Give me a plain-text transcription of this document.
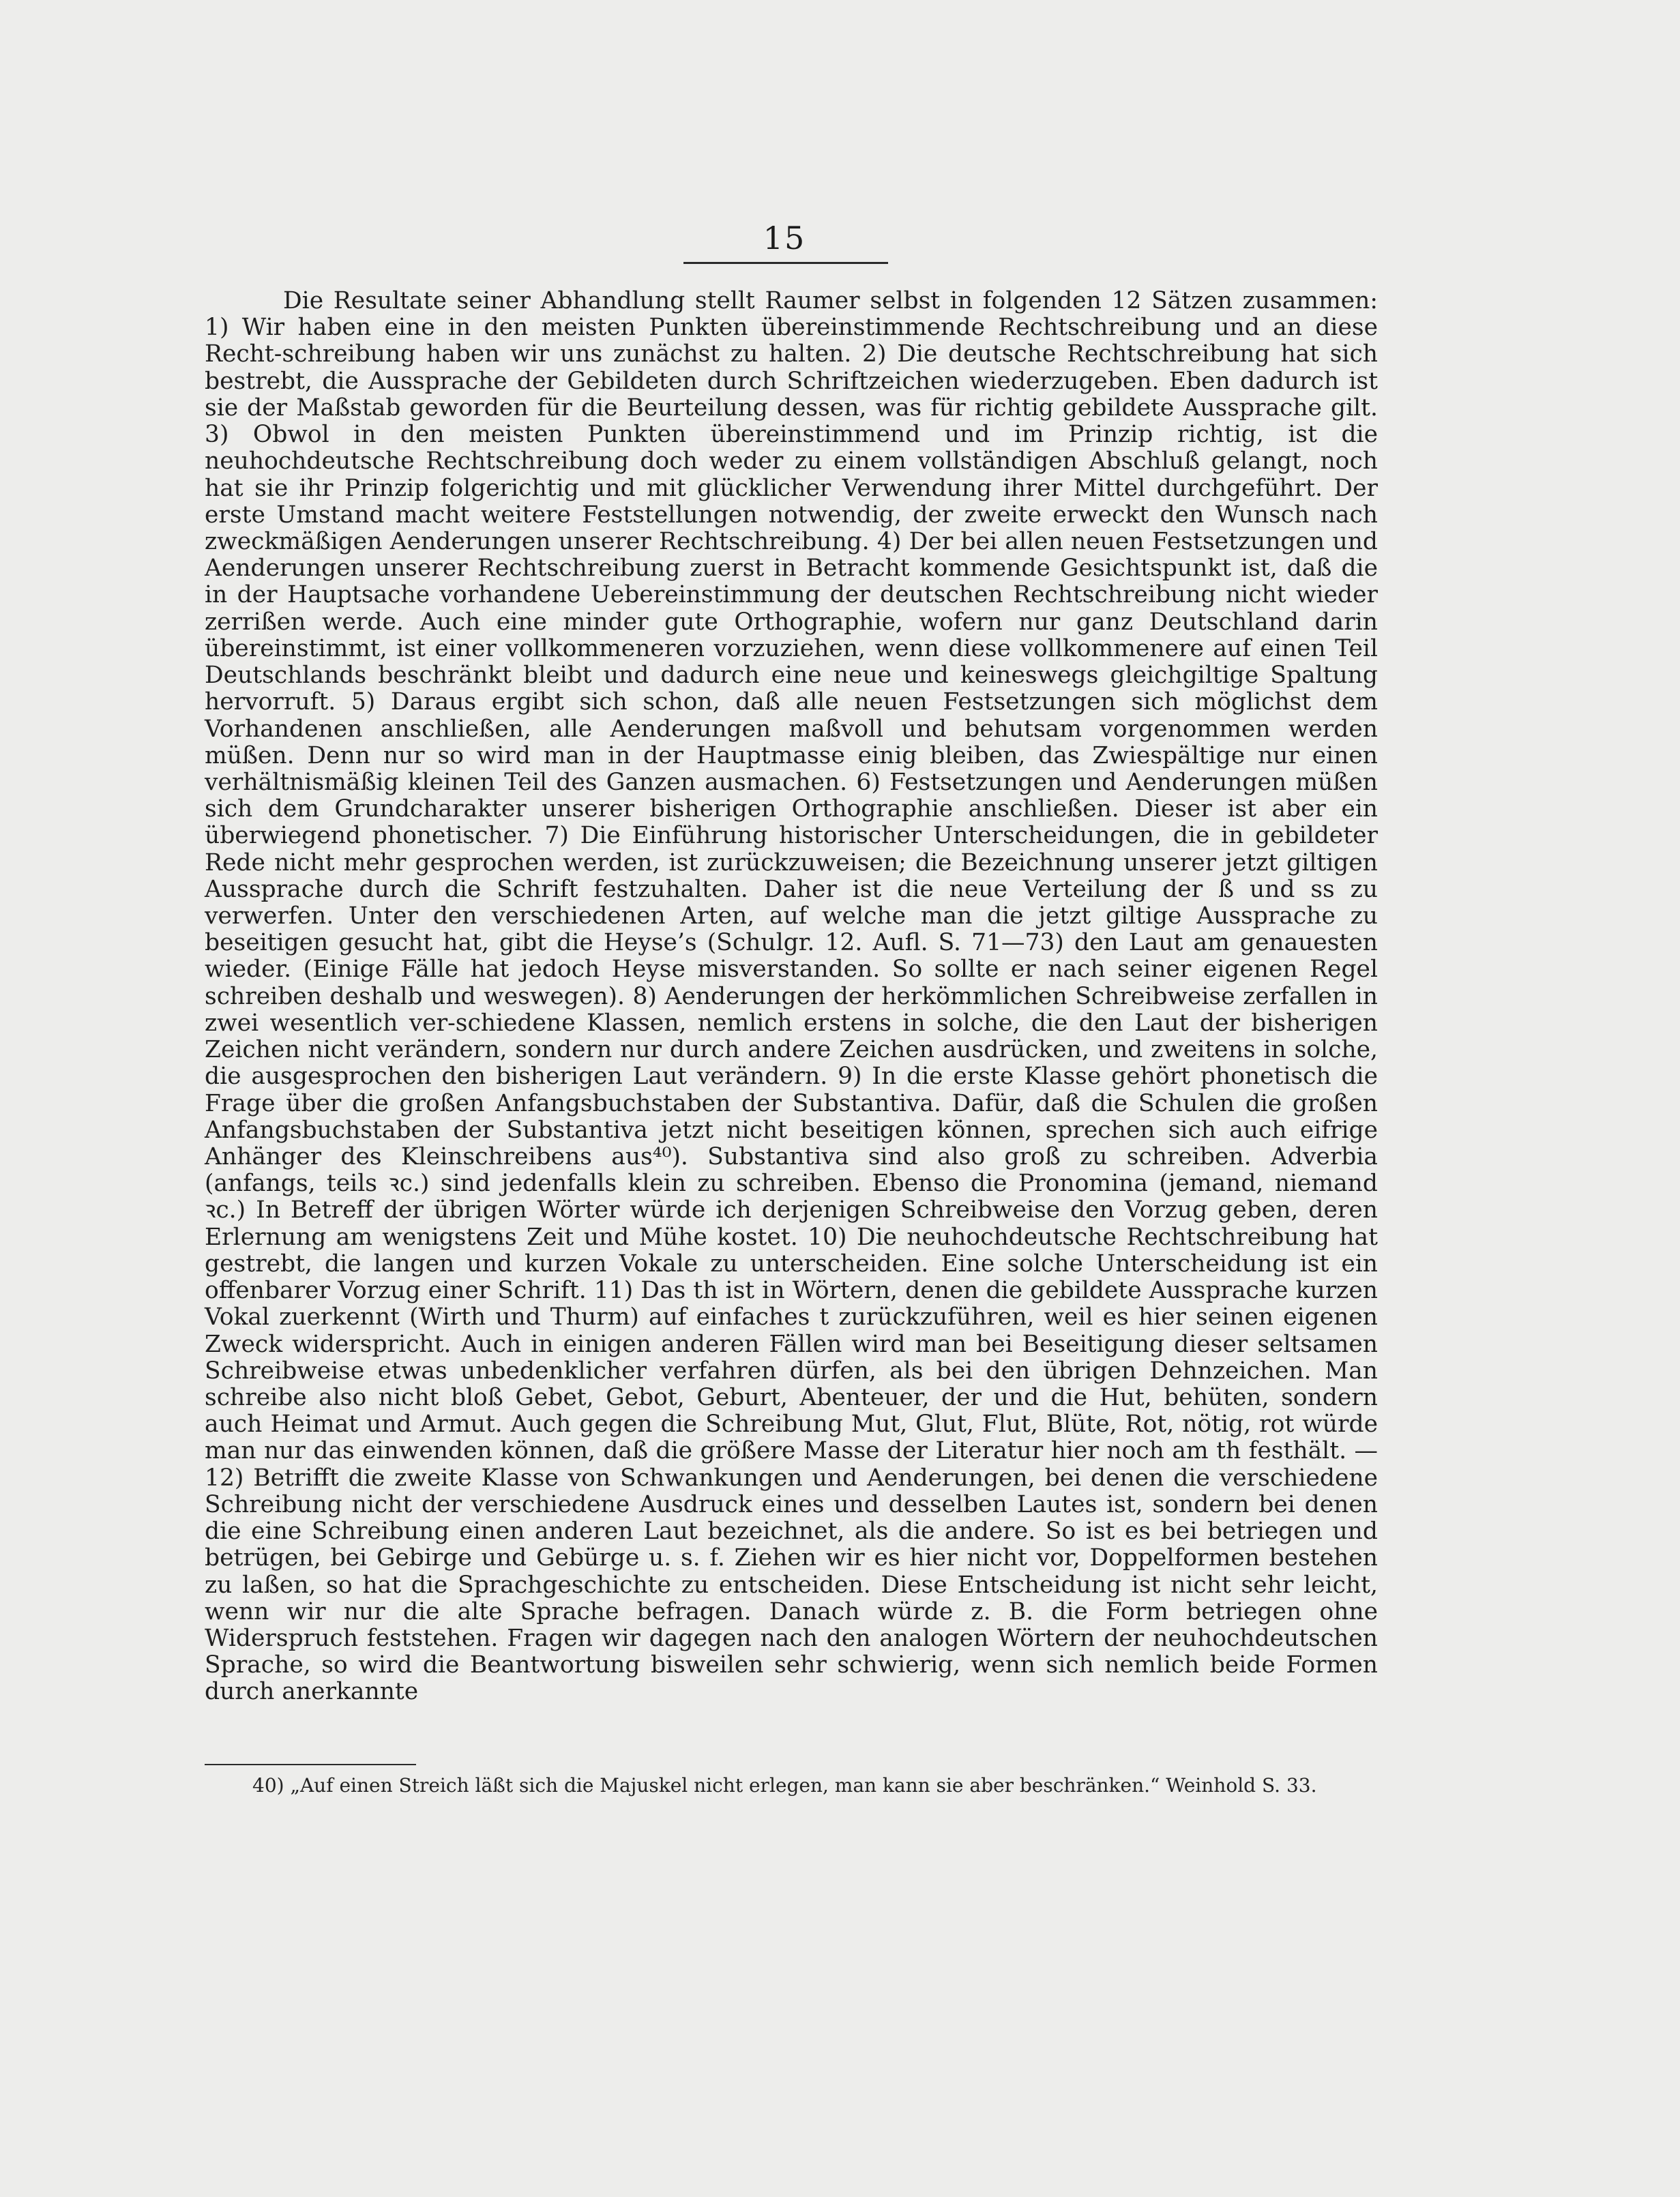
15

Die Resultate seiner Abhandlung stellt Raumer selbst in folgenden 12 Sätzen zusammen: 1) Wir haben eine in den meisten Punkten übereinstimmende Rechtschreibung und an diese Recht-schreibung haben wir uns zunächst zu halten. 2) Die deutsche Rechtschreibung hat sich bestrebt, die Aussprache der Gebildeten durch Schriftzeichen wiederzugeben. Eben dadurch ist sie der Maßstab geworden für die Beurteilung dessen, was für richtig gebildete Aussprache gilt. 3) Obwol in den meisten Punkten übereinstimmend und im Prinzip richtig, ist die neuhochdeutsche Rechtschreibung doch weder zu einem vollständigen Abschluß gelangt, noch hat sie ihr Prinzip folgerichtig und mit glücklicher Verwendung ihrer Mittel durchgeführt. Der erste Umstand macht weitere Feststellungen notwendig, der zweite erweckt den Wunsch nach zweckmäßigen Aenderungen unserer Rechtschreibung. 4) Der bei allen neuen Festsetzungen und Aenderungen unserer Rechtschreibung zuerst in Betracht kommende Gesichtspunkt ist, daß die in der Hauptsache vorhandene Uebereinstimmung der deutschen Rechtschreibung nicht wieder zerrißen werde. Auch eine minder gute Orthographie, wofern nur ganz Deutschland darin übereinstimmt, ist einer vollkommeneren vorzuziehen, wenn diese vollkommenere auf einen Teil Deutschlands beschränkt bleibt und dadurch eine neue und keineswegs gleichgiltige Spaltung hervorruft. 5) Daraus ergibt sich schon, daß alle neuen Festsetzungen sich möglichst dem Vorhandenen anschließen, alle Aenderungen maßvoll und behutsam vorgenommen werden müßen. Denn nur so wird man in der Hauptmasse einig bleiben, das Zwiespältige nur einen verhältnismäßig kleinen Teil des Ganzen ausmachen. 6) Festsetzungen und Aenderungen müßen sich dem Grundcharakter unserer bisherigen Orthographie anschließen. Dieser ist aber ein überwiegend phonetischer. 7) Die Einführung historischer Unterscheidungen, die in gebildeter Rede nicht mehr gesprochen werden, ist zurückzuweisen; die Bezeichnung unserer jetzt giltigen Aussprache durch die Schrift festzuhalten. Daher ist die neue Verteilung der ß und ss zu verwerfen. Unter den verschiedenen Arten, auf welche man die jetzt giltige Aussprache zu beseitigen gesucht hat, gibt die Heyse’s (Schulgr. 12. Aufl. S. 71—73) den Laut am genauesten wieder. (Einige Fälle hat jedoch Heyse misverstanden. So sollte er nach seiner eigenen Regel schreiben deshalb und weswegen). 8) Aenderungen der herkömmlichen Schreibweise zerfallen in zwei wesentlich ver-schiedene Klassen, nemlich erstens in solche, die den Laut der bisherigen Zeichen nicht verändern, sondern nur durch andere Zeichen ausdrücken, und zweitens in solche, die ausgesprochen den bisherigen Laut verändern. 9) In die erste Klasse gehört phonetisch die Frage über die großen Anfangsbuchstaben der Substantiva. Dafür, daß die Schulen die großen Anfangsbuchstaben der Substantiva jetzt nicht beseitigen können, sprechen sich auch eifrige Anhänger des Kleinschreibens aus⁴⁰). Substantiva sind also groß zu schreiben. Adverbia (anfangs, teils ꝛc.) sind jedenfalls klein zu schreiben. Ebenso die Pronomina (jemand, niemand ꝛc.) In Betreff der übrigen Wörter würde ich derjenigen Schreibweise den Vorzug geben, deren Erlernung am wenigstens Zeit und Mühe kostet. 10) Die neuhochdeutsche Rechtschreibung hat gestrebt, die langen und kurzen Vokale zu unterscheiden. Eine solche Unterscheidung ist ein offenbarer Vorzug einer Schrift. 11) Das th ist in Wörtern, denen die gebildete Aussprache kurzen Vokal zuerkennt (Wirth und Thurm) auf einfaches t zurückzuführen, weil es hier seinen eigenen Zweck widerspricht. Auch in einigen anderen Fällen wird man bei Beseitigung dieser seltsamen Schreibweise etwas unbedenklicher verfahren dürfen, als bei den übrigen Dehnzeichen. Man schreibe also nicht bloß Gebet, Gebot, Geburt, Abenteuer, der und die Hut, behüten, sondern auch Heimat und Armut. Auch gegen die Schreibung Mut, Glut, Flut, Blüte, Rot, nötig, rot würde man nur das einwenden können, daß die größere Masse der Literatur hier noch am th festhält. — 12) Betrifft die zweite Klasse von Schwankungen und Aenderungen, bei denen die verschiedene Schreibung nicht der verschiedene Ausdruck eines und desselben Lautes ist, sondern bei denen die eine Schreibung einen anderen Laut bezeichnet, als die andere. So ist es bei betriegen und betrügen, bei Gebirge und Gebürge u. s. f. Ziehen wir es hier nicht vor, Doppelformen bestehen zu laßen, so hat die Sprachgeschichte zu entscheiden. Diese Entscheidung ist nicht sehr leicht, wenn wir nur die alte Sprache befragen. Danach würde z. B. die Form betriegen ohne Widerspruch feststehen. Fragen wir dagegen nach den analogen Wörtern der neuhochdeutschen Sprache, so wird die Beantwortung bisweilen sehr schwierig, wenn sich nemlich beide Formen durch anerkannte

40) „Auf einen Streich läßt sich die Majuskel nicht erlegen, man kann sie aber beschränken.“ Weinhold S. 33.
